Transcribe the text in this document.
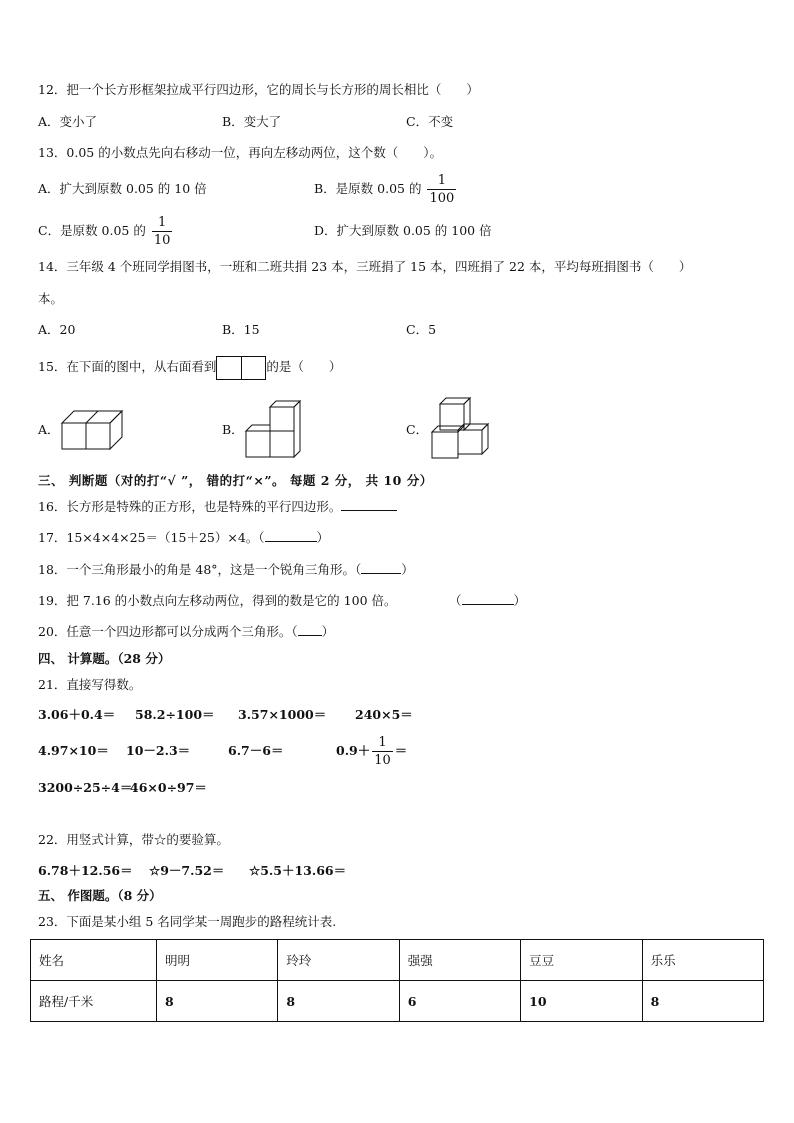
12．把一个长方形框架拉成平行四边形，它的周长与长方形的周长相比（　　）
A．变小了	B．变大了	C．不变
13．0.05 的小数点先向右移动一位，再向左移动两位，这个数（　　）。
A．扩大到原数 0.05 的 10 倍	B．是原数 0.05 的 $\frac{1}{100}$
C．是原数 0.05 的 $\frac{1}{10}$	D．扩大到原数 0.05 的 100 倍
14．三年级 4 个班同学捐图书，一班和二班共捐 23 本，三班捐了 15 本，四班捐了 22 本，平均每班捐图书（　　）
本。
A．20	B．15	C．5
15．在下面的图中，从右面看到	的是（　　）
A．	B．	C．
三、 判断题（对的打“√ ”， 错的打“×”。 每题 2 分， 共 10 分）
16．长方形是特殊的正方形，也是特殊的平行四边形。
17．15×4×4×25＝（15＋25）×4。（	）
18．一个三角形最小的角是 48°，这是一个锐角三角形。（	）
19．把 7.16 的小数点向左移动两位，得到的数是它的 100 倍。	（	）
20．任意一个四边形都可以分成两个三角形。（ ）
四、 计算题。（28 分）
21．直接写得数。
3.06＋0.4＝ 58.2÷100＝ 3.57×1000＝ 240×5＝
4.97×10＝ 10－2.3＝	6.7－6＝	$0.9+ \frac{1}{10}$ ＝
3200÷25÷4＝
46×0÷97＝
22．用竖式计算，带☆的要验算。
6.78＋12.56＝ ☆9－7.52＝ ☆5.5＋13.66＝
五、 作图题。（8 分）
23．下面是某小组 5 名同学某一周跑步的路程统计表.
姓名	明明	玲玲	强强	豆豆	乐乐
路程/千米	8	8	6	10	8
